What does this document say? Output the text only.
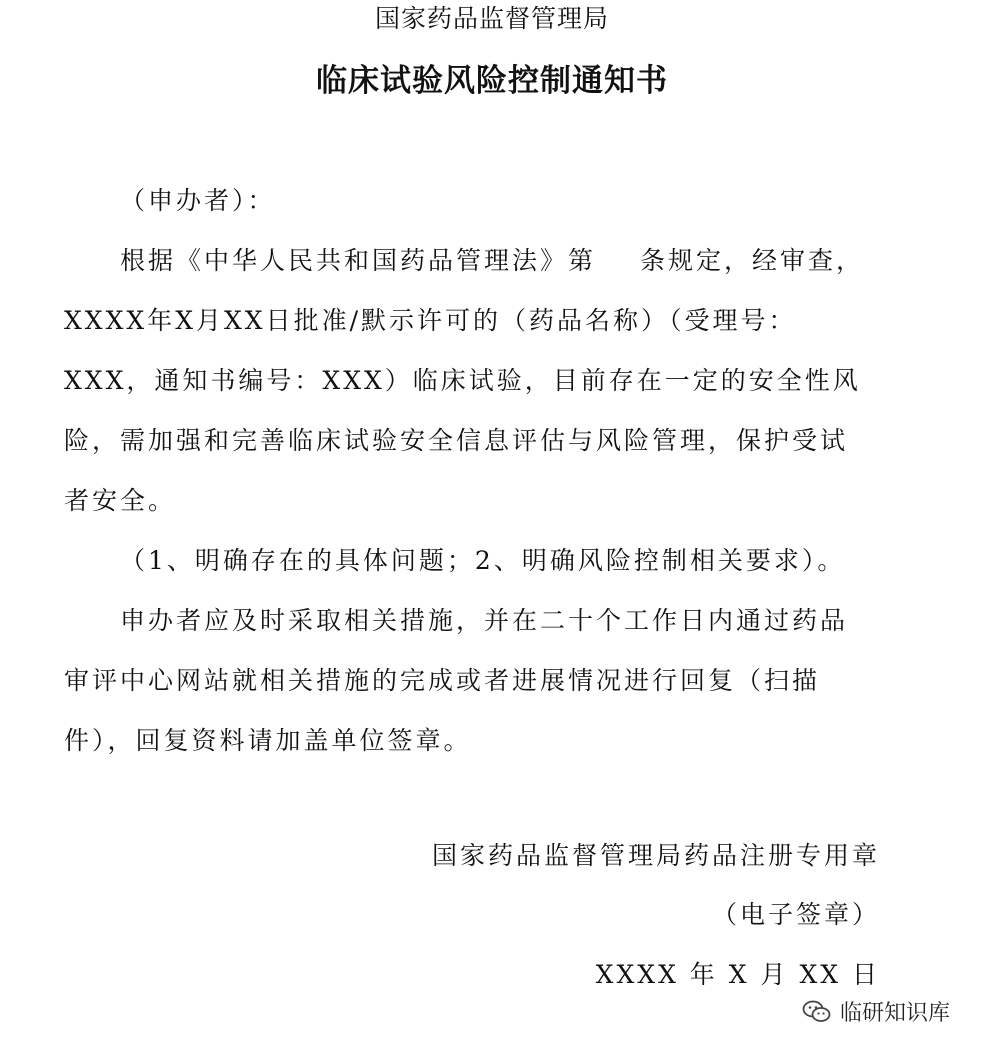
国家药品监督管理局
临床试验风险控制通知书
（申办者）：
根据《中华人民共和国药品管理法》第 条规定，经审查，XXXX年X月XX日批准/默示许可的（药品名称）（受理号：XXX，通知书编号：XXX）临床试验，目前存在一定的安全性风险，需加强和完善临床试验安全信息评估与风险管理，保护受试者安全。
（1、明确存在的具体问题；2、明确风险控制相关要求）。
申办者应及时采取相关措施，并在二十个工作日内通过药品审评中心网站就相关措施的完成或者进展情况进行回复（扫描件），回复资料请加盖单位签章。
国家药品监督管理局药品注册专用章
（电子签章）
XXXX 年 X 月 XX 日
临研知识库
